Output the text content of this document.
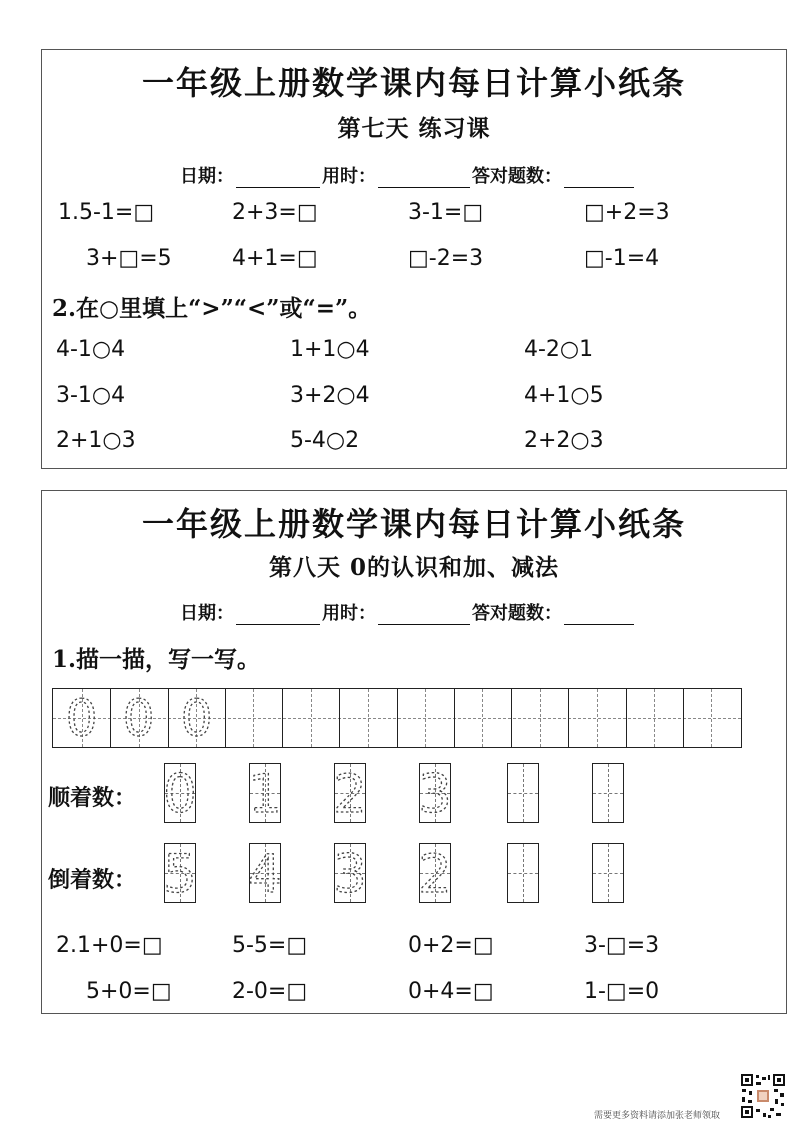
一年级上册数学课内每日计算小纸条
第七天 练习课
日期：	用时：	答对题数：
1.5-1=□	2+3=□	3-1=□	□+2=3
3+□=5	4+1=□	□-2=3	□-1=4
2.在○里填上“>”“<”或“=”。
4-1○4	1+1○4	4-2○1
3-1○4	3+2○4	4+1○5
2+1○3	5-4○2	2+2○3
一年级上册数学课内每日计算小纸条
第八天 0的认识和加、减法
日期：	用时：	答对题数：
1.描一描，写一写。
0 0 0
顺着数： 0 1 2 3
倒着数： 5 4 3 2
2.1+0=□	5-5=□	0+2=□	3-□=3
5+0=□	2-0=□	0+4=□	1-□=0
需要更多资料请添加张老师领取
